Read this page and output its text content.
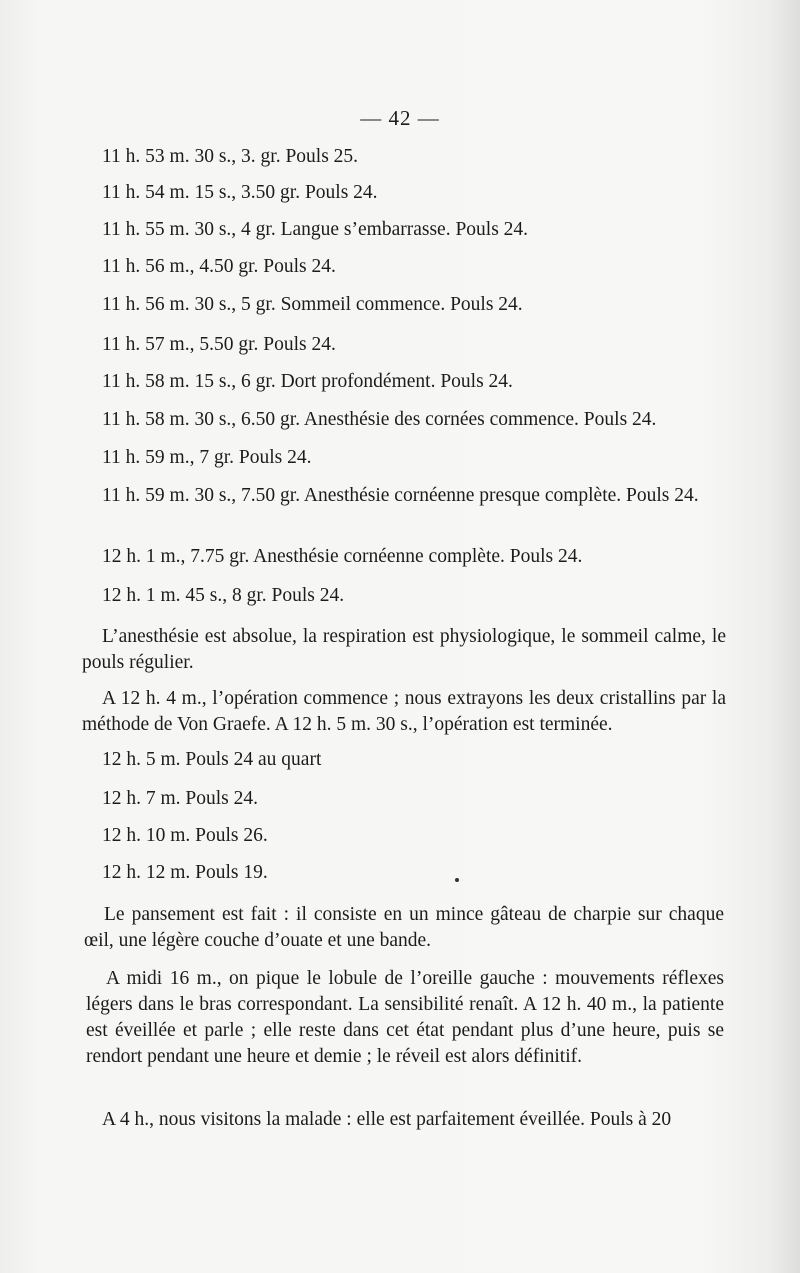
— 42 —
11 h. 53 m. 30 s., 3. gr. Pouls 25.
11 h. 54 m. 15 s., 3.50 gr. Pouls 24.
11 h. 55 m. 30 s., 4 gr. Langue s’embarrasse. Pouls 24.
11 h. 56 m., 4.50 gr. Pouls 24.
11 h. 56 m. 30 s., 5 gr. Sommeil commence. Pouls 24.
11 h. 57 m., 5.50 gr. Pouls 24.
11 h. 58 m. 15 s., 6 gr. Dort profondément. Pouls 24.
11 h. 58 m. 30 s., 6.50 gr. Anesthésie des cornées commence. Pouls 24.
11 h. 59 m., 7 gr. Pouls 24.
11 h. 59 m. 30 s., 7.50 gr. Anesthésie cornéenne presque complète. Pouls 24.
12 h. 1 m., 7.75 gr. Anesthésie cornéenne complète. Pouls 24.
12 h. 1 m. 45 s., 8 gr. Pouls 24.
L’anesthésie est absolue, la respiration est physiologique, le sommeil calme, le pouls régulier.
A 12 h. 4 m., l’opération commence ; nous extrayons les deux cristallins par la méthode de Von Graefe. A 12 h. 5 m. 30 s., l’opération est terminée.
12 h. 5 m. Pouls 24 au quart
12 h. 7 m. Pouls 24.
12 h. 10 m. Pouls 26.
12 h. 12 m. Pouls 19.
Le pansement est fait : il consiste en un mince gâteau de charpie sur chaque œil, une légère couche d’ouate et une bande.
A midi 16 m., on pique le lobule de l’oreille gauche : mouvements réflexes légers dans le bras correspondant. La sensibilité renaît. A 12 h. 40 m., la patiente est éveillée et parle ; elle reste dans cet état pendant plus d’une heure, puis se rendort pendant une heure et demie ; le réveil est alors définitif.
A 4 h., nous visitons la malade : elle est parfaitement éveillée. Pouls à 20
